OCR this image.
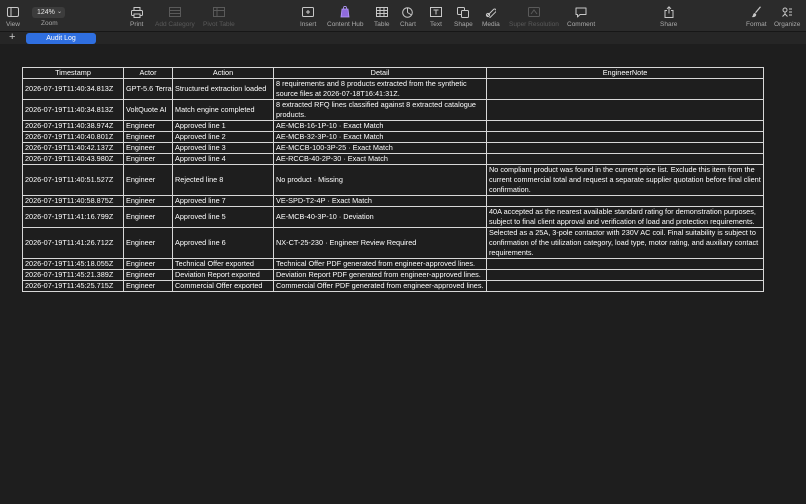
View
124% ⌄
Zoom	Print Add Category Pivot Table	Insert Content Hub Table Chart Text Shape Media Super Resolution Comment	Share	Format Organize
+	Audit Log
Timestamp	Actor	Action	Detail	EngineerNote
2026-07-19T11:40:34.813Z	GPT-5.6 Terra	Structured extraction loaded	8 requirements and 8 products extracted from the synthetic source files at 2026-07-18T16:41:31Z.	
2026-07-19T11:40:34.813Z	VoltQuote AI	Match engine completed	8 extracted RFQ lines classified against 8 extracted catalogue products.	
2026-07-19T11:40:38.974Z	Engineer	Approved line 1	AE-MCB-16-1P-10 · Exact Match	
2026-07-19T11:40:40.801Z	Engineer	Approved line 2	AE-MCB-32-3P-10 · Exact Match	
2026-07-19T11:40:42.137Z	Engineer	Approved line 3	AE-MCCB-100-3P-25 · Exact Match	
2026-07-19T11:40:43.980Z	Engineer	Approved line 4	AE-RCCB-40-2P-30 · Exact Match	
2026-07-19T11:40:51.527Z	Engineer	Rejected line 8	No product · Missing	No compliant product was found in the current price list. Exclude this item from the current commercial total and request a separate supplier quotation before final client confirmation.
2026-07-19T11:40:58.875Z	Engineer	Approved line 7	VE-SPD-T2-4P · Exact Match	
2026-07-19T11:41:16.799Z	Engineer	Approved line 5	AE-MCB-40-3P-10 · Deviation	40A accepted as the nearest available standard rating for demonstration purposes, subject to final client approval and verification of load and protection requirements.
2026-07-19T11:41:26.712Z	Engineer	Approved line 6	NX-CT-25-230 · Engineer Review Required	Selected as a 25A, 3-pole contactor with 230V AC coil. Final suitability is subject to confirmation of the utilization category, load type, motor rating, and auxiliary contact requirements.
2026-07-19T11:45:18.055Z	Engineer	Technical Offer exported	Technical Offer PDF generated from engineer-approved lines.	
2026-07-19T11:45:21.389Z	Engineer	Deviation Report exported	Deviation Report PDF generated from engineer-approved lines.	
2026-07-19T11:45:25.715Z	Engineer	Commercial Offer exported	Commercial Offer PDF generated from engineer-approved lines.	
